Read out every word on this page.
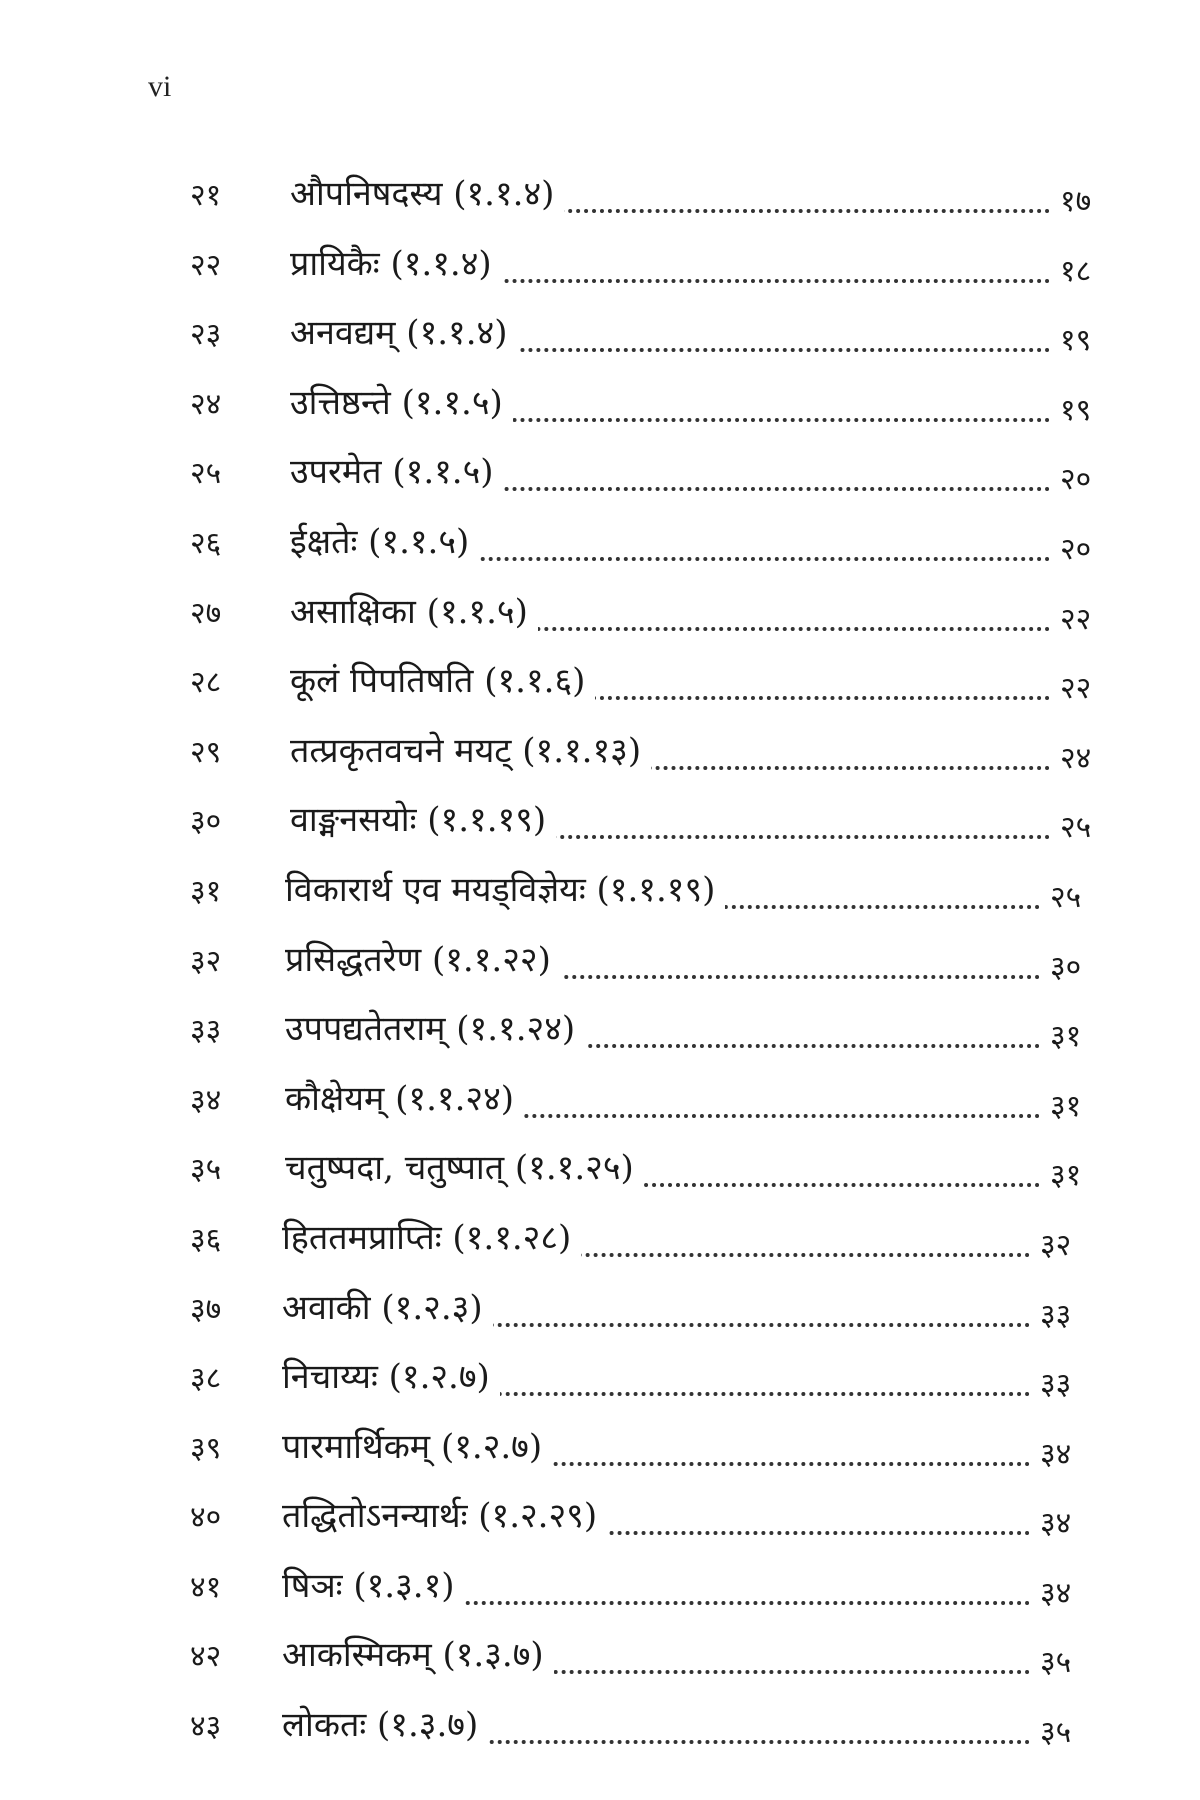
vi
२१ औपनिषदस्य (१.१.४)	१७
२२ प्रायिकैः (१.१.४)	१८
२३ अनवद्यम् (१.१.४)	१९
२४ उत्तिष्ठन्ते (१.१.५)	१९
२५ उपरमेत (१.१.५)	२०
२६ ईक्षतेः (१.१.५)	२०
२७ असाक्षिका (१.१.५)	२२
२८ कूलं पिपतिषति (१.१.६)	२२
२९ तत्प्रकृतवचने मयट् (१.१.१३)	२४
३० वाङ्मनसयोः (१.१.१९)	२५
३१ विकारार्थ एव मयड्विज्ञेयः (१.१.१९)	२५
३२ प्रसिद्धतरेण (१.१.२२)	३०
३३ उपपद्यतेतराम् (१.१.२४)	३१
३४ कौक्षेयम् (१.१.२४)	३१
३५ चतुष्पदा, चतुष्पात् (१.१.२५)	३१
३६ हिततमप्राप्तिः (१.१.२८)	३२
३७ अवाकी (१.२.३)	३३
३८ निचाय्यः (१.२.७)	३३
३९ पारमार्थिकम् (१.२.७)	३४
४० तद्धितोऽनन्यार्थः (१.२.२९)	३४
४१ षिञः (१.३.१)	३४
४२ आकस्मिकम् (१.३.७)	३५
४३ लोकतः (१.३.७)	३५
